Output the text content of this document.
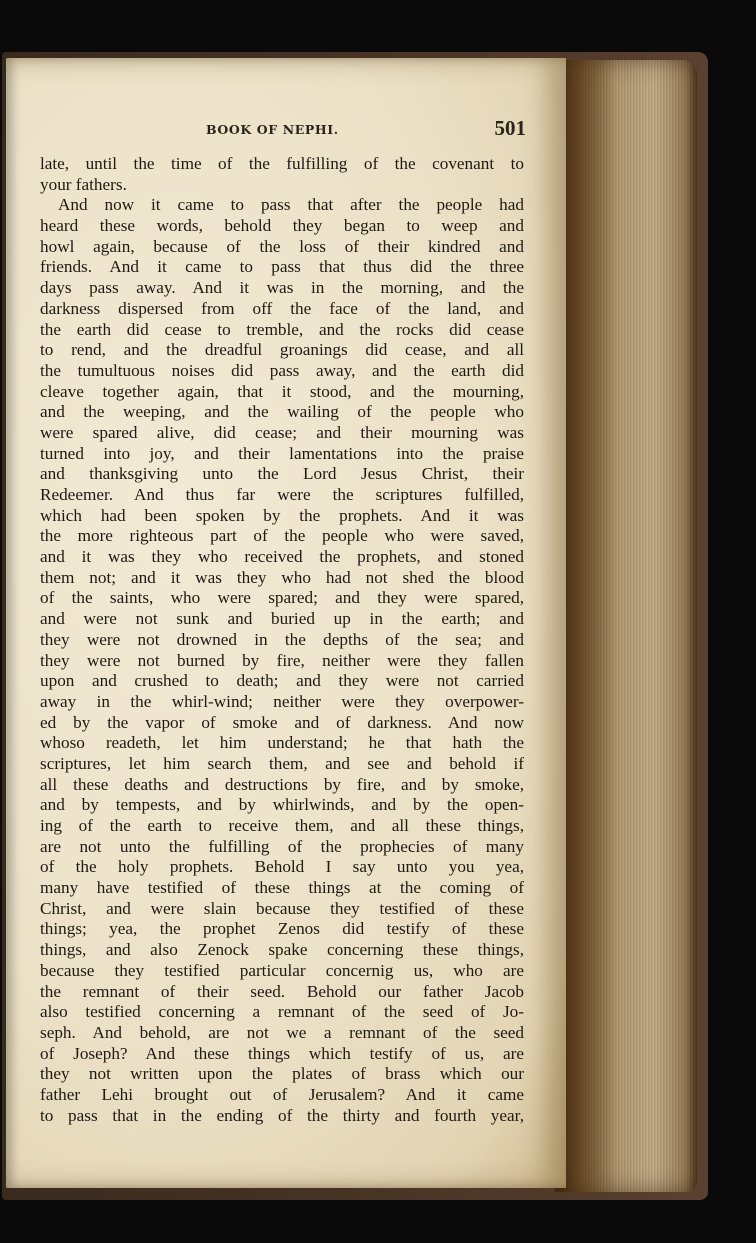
BOOK OF NEPHI.	501
late, until the time of the fulfilling of the covenant to
your fathers.
And now it came to pass that after the people had
heard these words, behold they began to weep and
howl again, because of the loss of their kindred and
friends. And it came to pass that thus did the three
days pass away. And it was in the morning, and the
darkness dispersed from off the face of the land, and
the earth did cease to tremble, and the rocks did cease
to rend, and the dreadful groanings did cease, and all
the tumultuous noises did pass away, and the earth did
cleave together again, that it stood, and the mourning,
and the weeping, and the wailing of the people who
were spared alive, did cease; and their mourning was
turned into joy, and their lamentations into the praise
and thanksgiving unto the Lord Jesus Christ, their
Redeemer. And thus far were the scriptures fulfilled,
which had been spoken by the prophets. And it was
the more righteous part of the people who were saved,
and it was they who received the prophets, and stoned
them not; and it was they who had not shed the blood
of the saints, who were spared; and they were spared,
and were not sunk and buried up in the earth; and
they were not drowned in the depths of the sea; and
they were not burned by fire, neither were they fallen
upon and crushed to death; and they were not carried
away in the whirl-wind; neither were they overpower-
ed by the vapor of smoke and of darkness. And now
whoso readeth, let him understand; he that hath the
scriptures, let him search them, and see and behold if
all these deaths and destructions by fire, and by smoke,
and by tempests, and by whirlwinds, and by the open-
ing of the earth to receive them, and all these things,
are not unto the fulfilling of the prophecies of many
of the holy prophets. Behold I say unto you yea,
many have testified of these things at the coming of
Christ, and were slain because they testified of these
things; yea, the prophet Zenos did testify of these
things, and also Zenock spake concerning these things,
because they testified particular concernig us, who are
the remnant of their seed. Behold our father Jacob
also testified concerning a remnant of the seed of Jo-
seph. And behold, are not we a remnant of the seed
of Joseph? And these things which testify of us, are
they not written upon the plates of brass which our
father Lehi brought out of Jerusalem? And it came
to pass that in the ending of the thirty and fourth year,
